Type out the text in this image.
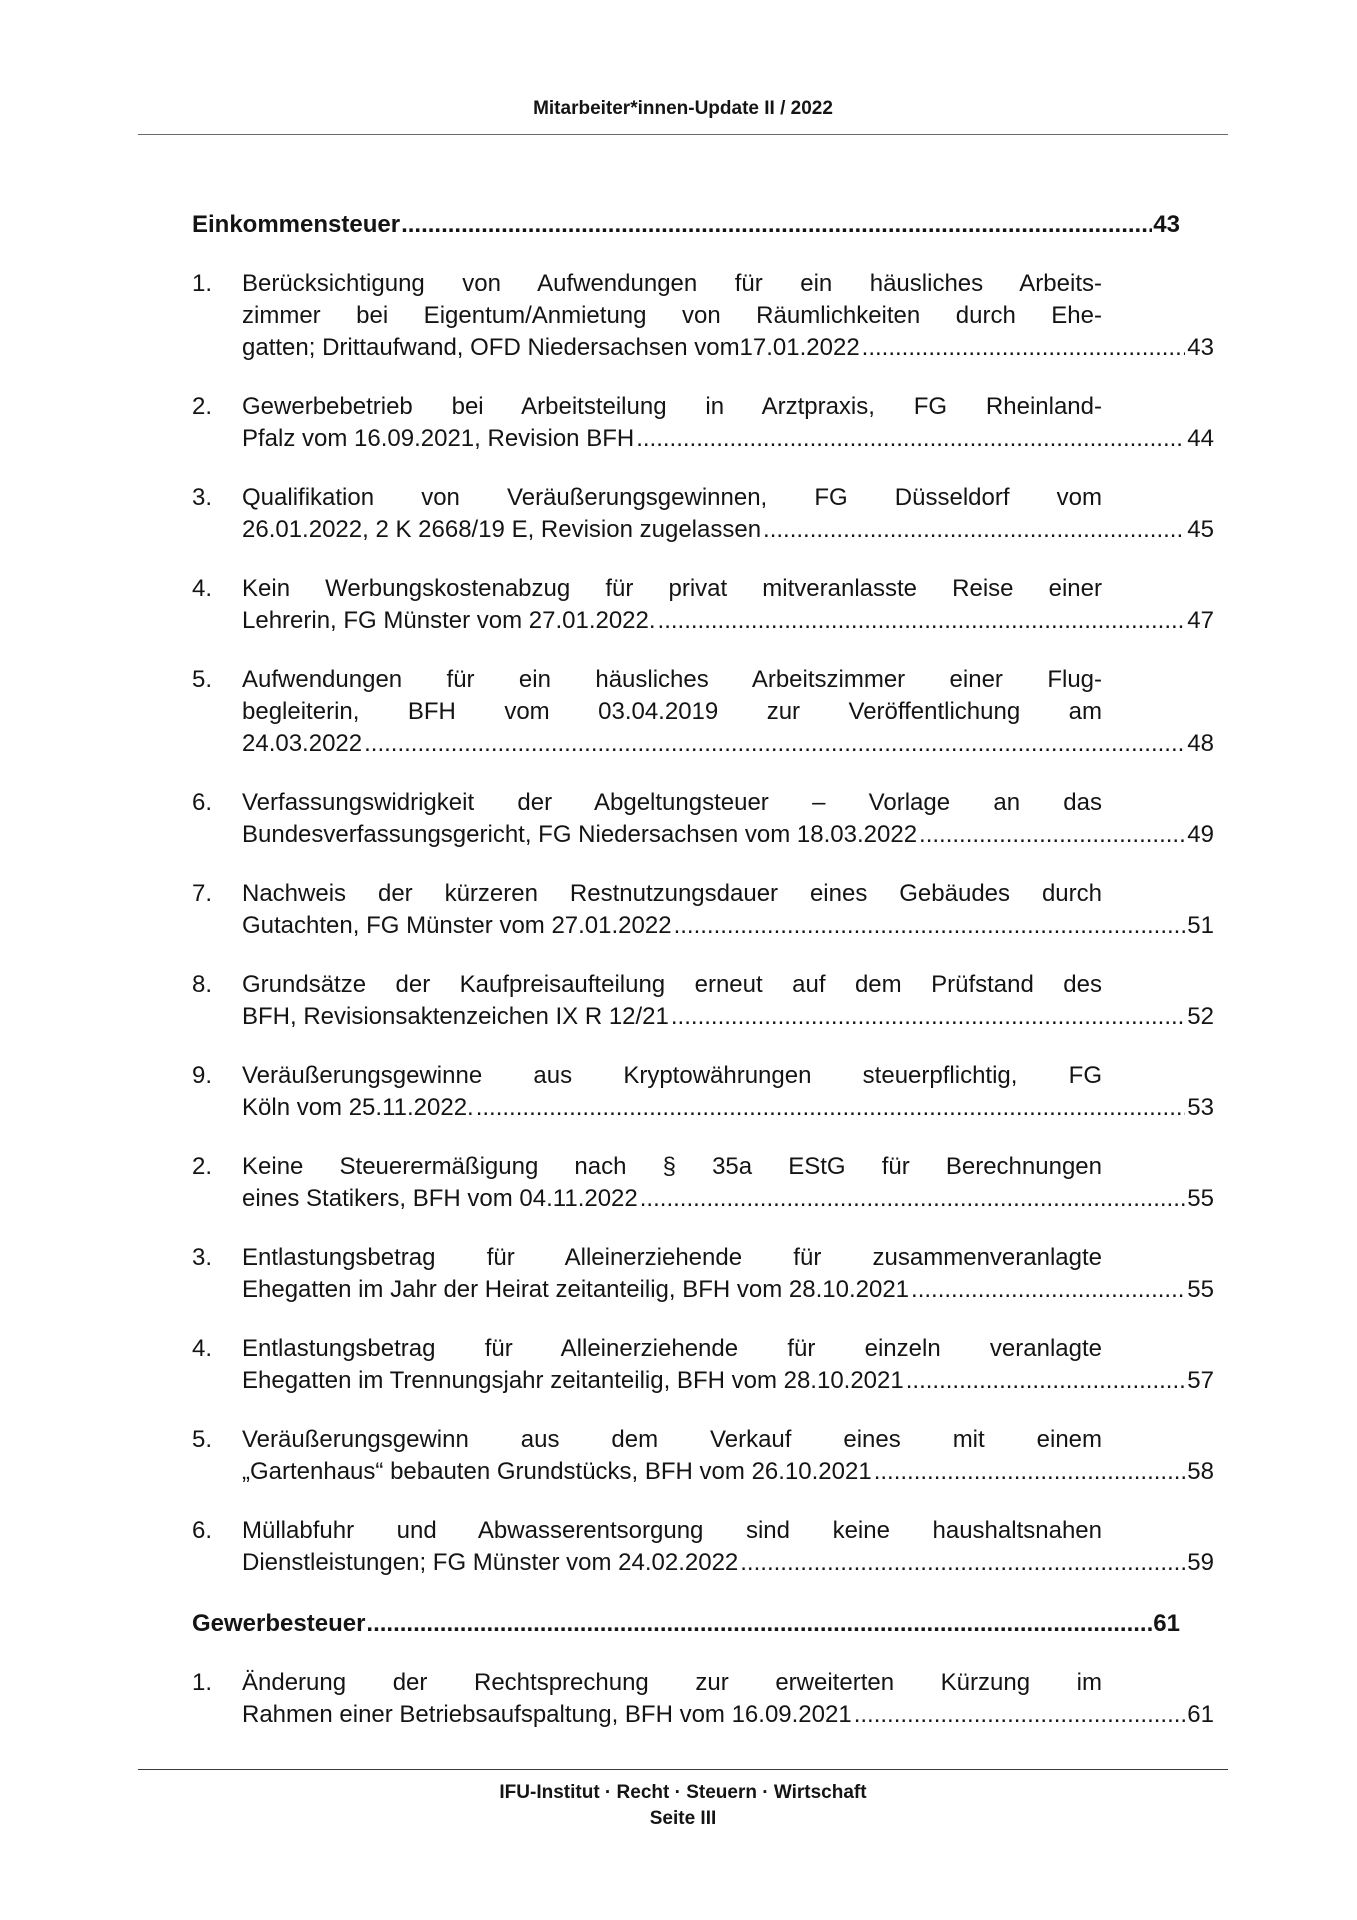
Mitarbeiter*innen-Update II / 2022
Einkommensteuer .....	43
1.	Berücksichtigung von Aufwendungen für ein häusliches Arbeits-
zimmer bei Eigentum/Anmietung von Räumlichkeiten durch Ehe-
gatten; Drittaufwand, OFD Niedersachsen vom17.01.2022 .....	43
2.	Gewerbebetrieb bei Arbeitsteilung in Arztpraxis, FG Rheinland-
Pfalz vom 16.09.2021, Revision BFH .....	44
3.	Qualifikation von Veräußerungsgewinnen, FG Düsseldorf vom
26.01.2022, 2 K 2668/19 E, Revision zugelassen .....	45
4.	Kein Werbungskostenabzug für privat mitveranlasste Reise einer
Lehrerin, FG Münster vom 27.01.2022. .....	47
5.	Aufwendungen für ein häusliches Arbeitszimmer einer Flug-
begleiterin, BFH vom 03.04.2019 zur Veröffentlichung am
24.03.2022 .....	48
6.	Verfassungswidrigkeit der Abgeltungsteuer – Vorlage an das
Bundesverfassungsgericht, FG Niedersachsen vom 18.03.2022 .....	49
7.	Nachweis der kürzeren Restnutzungsdauer eines Gebäudes durch
Gutachten, FG Münster vom 27.01.2022 .....	51
8.	Grundsätze der Kaufpreisaufteilung erneut auf dem Prüfstand des
BFH, Revisionsaktenzeichen IX R 12/21 .....	52
9.	Veräußerungsgewinne aus Kryptowährungen steuerpflichtig, FG
Köln vom 25.11.2022. .....	53
2.	Keine Steuerermäßigung nach § 35a EStG für Berechnungen
eines Statikers, BFH vom 04.11.2022 .....	55
3.	Entlastungsbetrag für Alleinerziehende für zusammenveranlagte
Ehegatten im Jahr der Heirat zeitanteilig, BFH vom 28.10.2021 .....	55
4.	Entlastungsbetrag für Alleinerziehende für einzeln veranlagte
Ehegatten im Trennungsjahr zeitanteilig, BFH vom 28.10.2021 .....	57
5.	Veräußerungsgewinn aus dem Verkauf eines mit einem
„Gartenhaus“ bebauten Grundstücks, BFH vom 26.10.2021 .....	58
6.	Müllabfuhr und Abwasserentsorgung sind keine haushaltsnahen
Dienstleistungen; FG Münster vom 24.02.2022 .....	59
Gewerbesteuer .....	61
1.	Änderung der Rechtsprechung zur erweiterten Kürzung im
Rahmen einer Betriebsaufspaltung, BFH vom 16.09.2021 .....	61
IFU-Institut · Recht · Steuern · Wirtschaft
Seite III
